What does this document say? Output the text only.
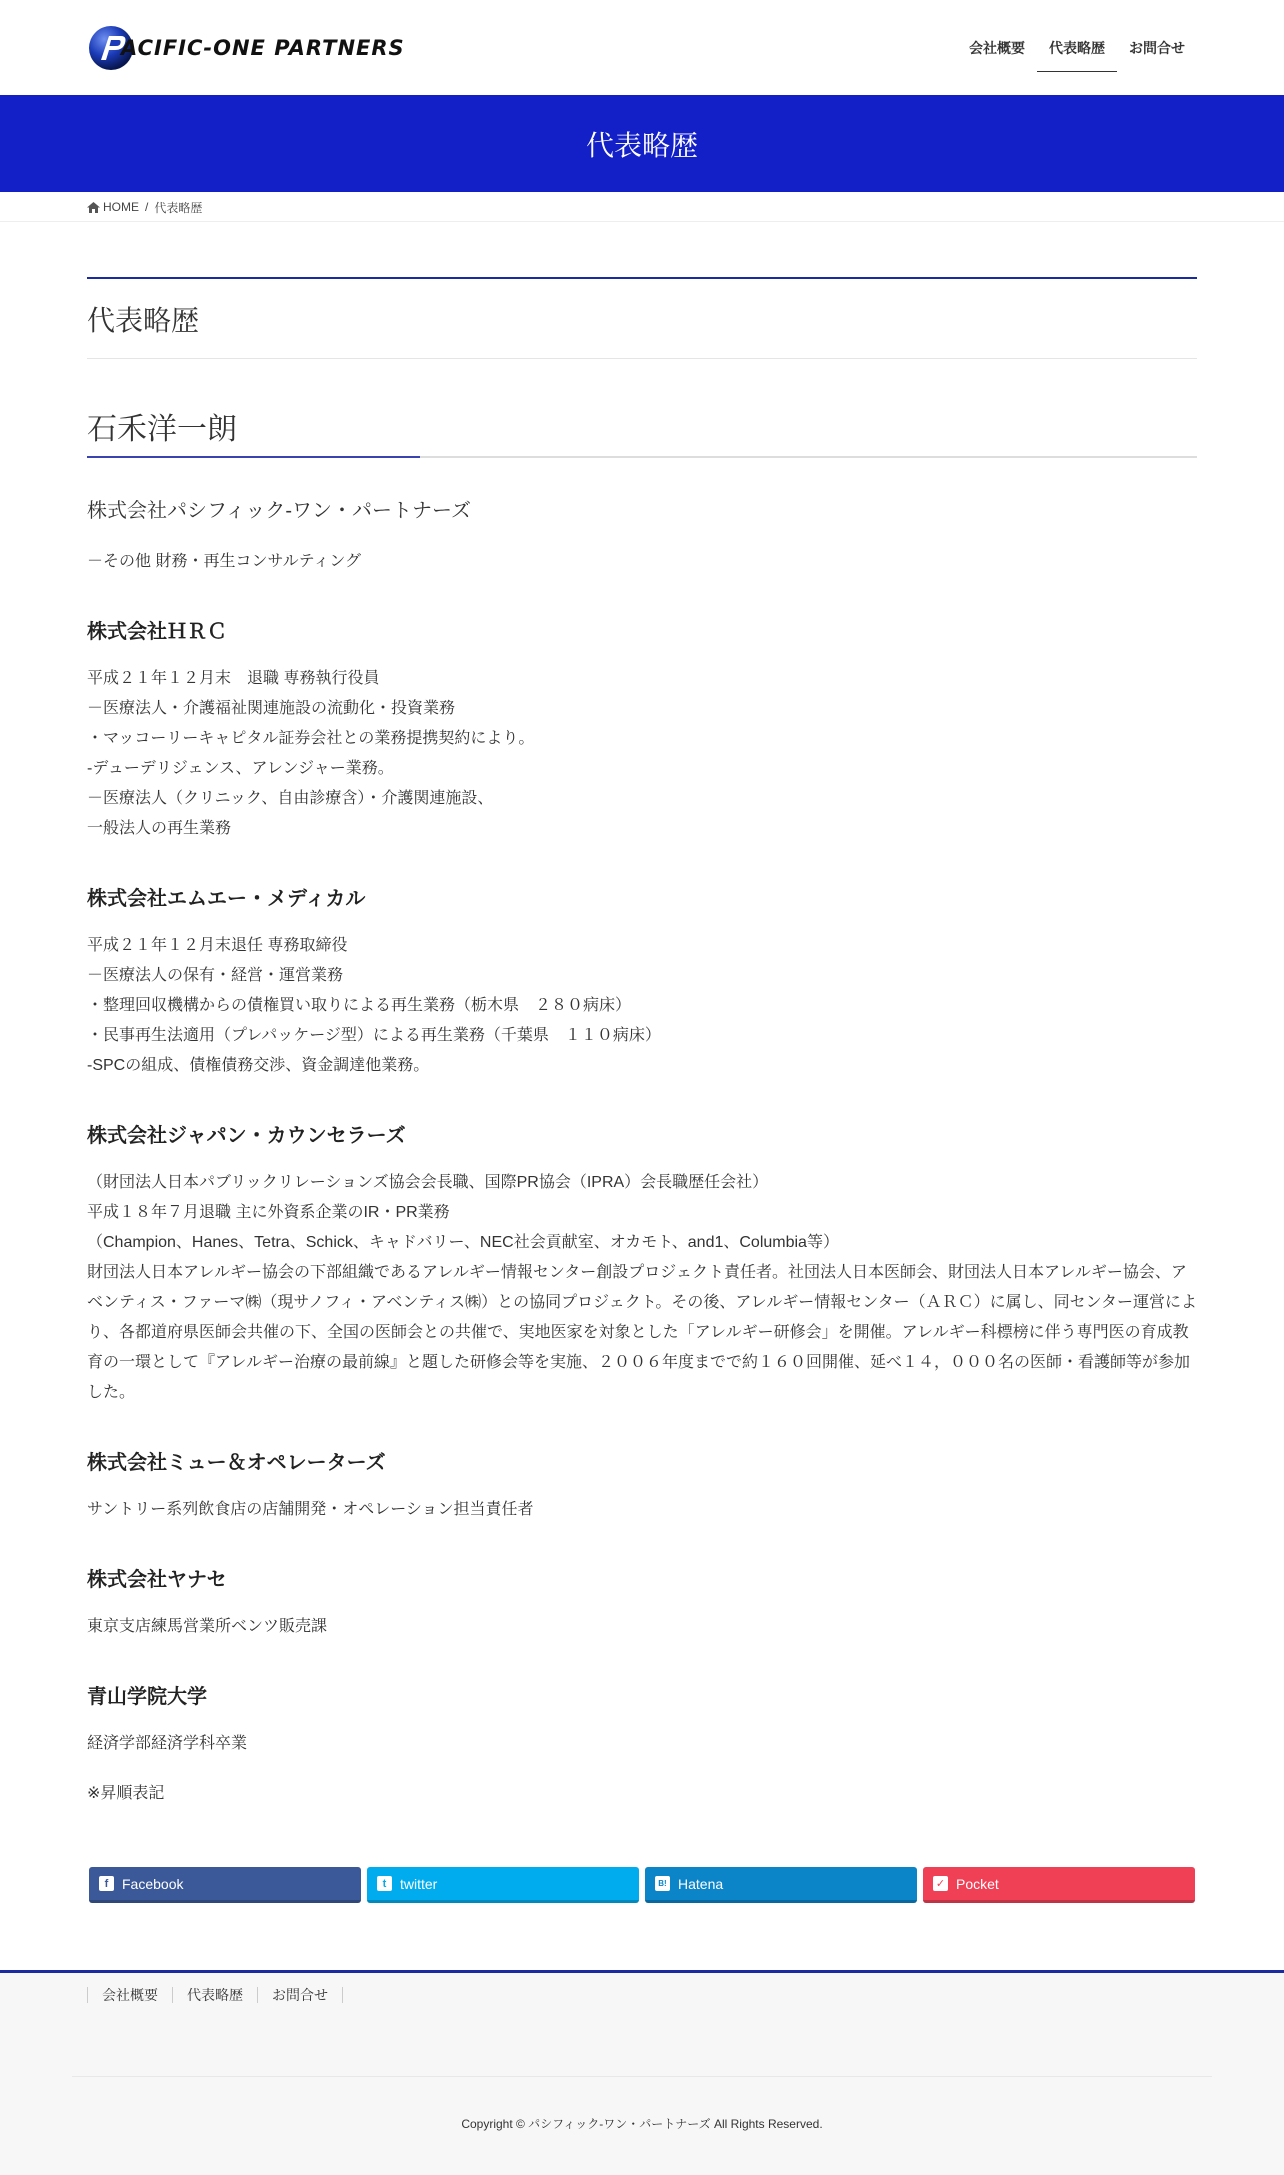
ACIFIC-ONE PARTNERS	会社概要	代表略歴	お問合せ
代表略歴
HOME / 代表略歴
代表略歴
石禾洋一朗
株式会社パシフィック-ワン・パートナーズ
－その他 財務・再生コンサルティング
株式会社ＨＲＣ
平成２１年１２月末　退職 専務執行役員
－医療法人・介護福祉関連施設の流動化・投資業務
・マッコーリーキャピタル証券会社との業務提携契約により。
-デューデリジェンス、アレンジャー業務。
－医療法人（クリニック、自由診療含）・介護関連施設、
一般法人の再生業務
株式会社エムエー・メディカル
平成２１年１２月末退任 専務取締役
－医療法人の保有・経営・運営業務
・整理回収機構からの債権買い取りによる再生業務（栃木県　２８０病床）
・民事再生法適用（プレパッケージ型）による再生業務（千葉県　１１０病床）
-SPCの組成、債権債務交渉、資金調達他業務。
株式会社ジャパン・カウンセラーズ
（財団法人日本パブリックリレーションズ協会会長職、国際PR協会（IPRA）会長職歴任会社）
平成１８年７月退職 主に外資系企業のIR・PR業務
（Champion、Hanes、Tetra、Schick、キャドバリー、NEC社会貢献室、オカモト、and1、Columbia等）
財団法人日本アレルギー協会の下部組織であるアレルギー情報センター創設プロジェクト責任者。社団法人日本医師会、財団法人日本アレルギー協会、アベンティス・ファーマ㈱（現サノフィ・アベンティス㈱）との協同プロジェクト。その後、アレルギー情報センター（ＡＲＣ）に属し、同センター運営により、各都道府県医師会共催の下、全国の医師会との共催で、実地医家を対象とした「アレルギー研修会」を開催。アレルギー科標榜に伴う専門医の育成教育の一環として『アレルギー治療の最前線』と題した研修会等を実施、２００６年度までで約１６０回開催、延べ１４，０００名の医師・看護師等が参加した。
株式会社ミュー＆オペレーターズ
サントリー系列飲食店の店舗開発・オペレーション担当責任者
株式会社ヤナセ
東京支店練馬営業所ベンツ販売課
青山学院大学
経済学部経済学科卒業
※昇順表記
f Facebook	t twitter	B! Hatena	✓ Pocket
会社概要	代表略歴	お問合せ
Copyright © パシフィック-ワン・パートナーズ All Rights Reserved.
